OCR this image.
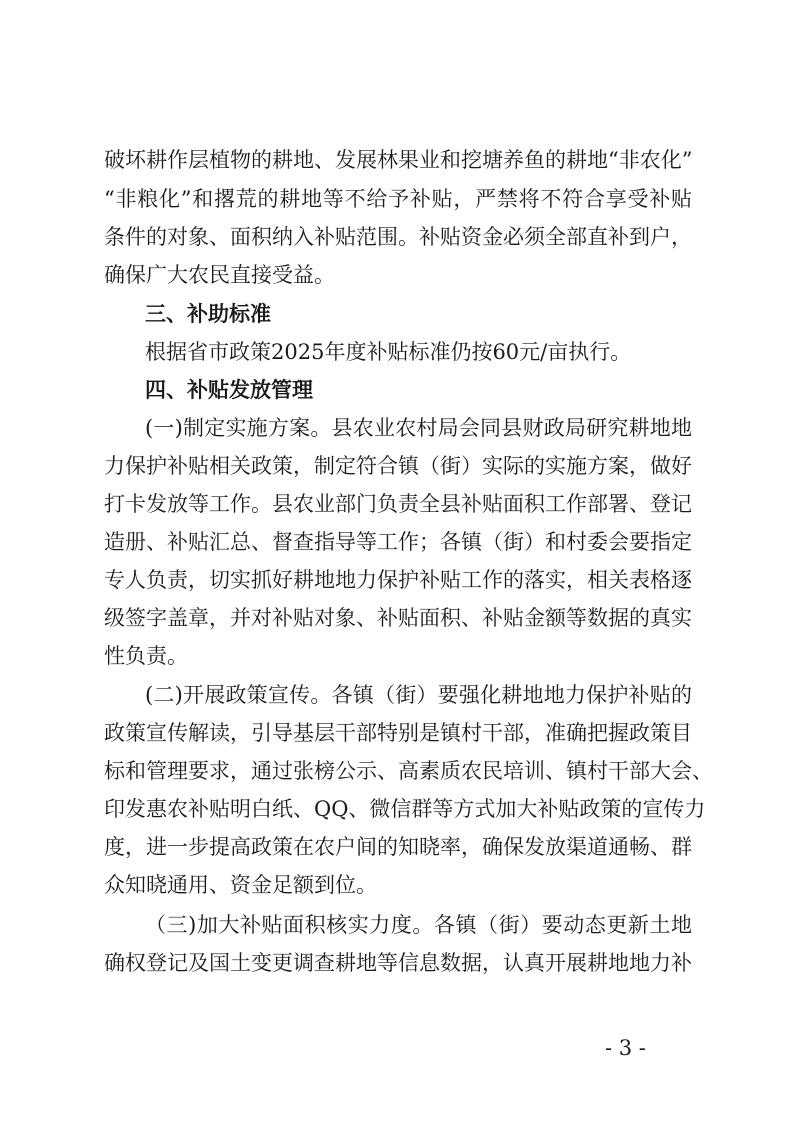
破坏耕作层植物的耕地、发展林果业和挖塘养鱼的耕地“非农化”
“非粮化”和撂荒的耕地等不给予补贴，严禁将不符合享受补贴
条件的对象、面积纳入补贴范围。补贴资金必须全部直补到户，
确保广大农民直接受益。
三、补助标准
根据省市政策2025年度补贴标准仍按60元/亩执行。
四、补贴发放管理
(一)制定实施方案。县农业农村局会同县财政局研究耕地地
力保护补贴相关政策，制定符合镇（街）实际的实施方案，做好
打卡发放等工作。县农业部门负责全县补贴面积工作部署、登记
造册、补贴汇总、督查指导等工作；各镇（街）和村委会要指定
专人负责，切实抓好耕地地力保护补贴工作的落实，相关表格逐
级签字盖章，并对补贴对象、补贴面积、补贴金额等数据的真实
性负责。
(二)开展政策宣传。各镇（街）要强化耕地地力保护补贴的
政策宣传解读，引导基层干部特别是镇村干部，准确把握政策目
标和管理要求，通过张榜公示、高素质农民培训、镇村干部大会、
印发惠农补贴明白纸、QQ、微信群等方式加大补贴政策的宣传力
度，进一步提高政策在农户间的知晓率，确保发放渠道通畅、群
众知晓通用、资金足额到位。
（三)加大补贴面积核实力度。各镇（街）要动态更新土地
确权登记及国土变更调查耕地等信息数据，认真开展耕地地力补
- 3 -
